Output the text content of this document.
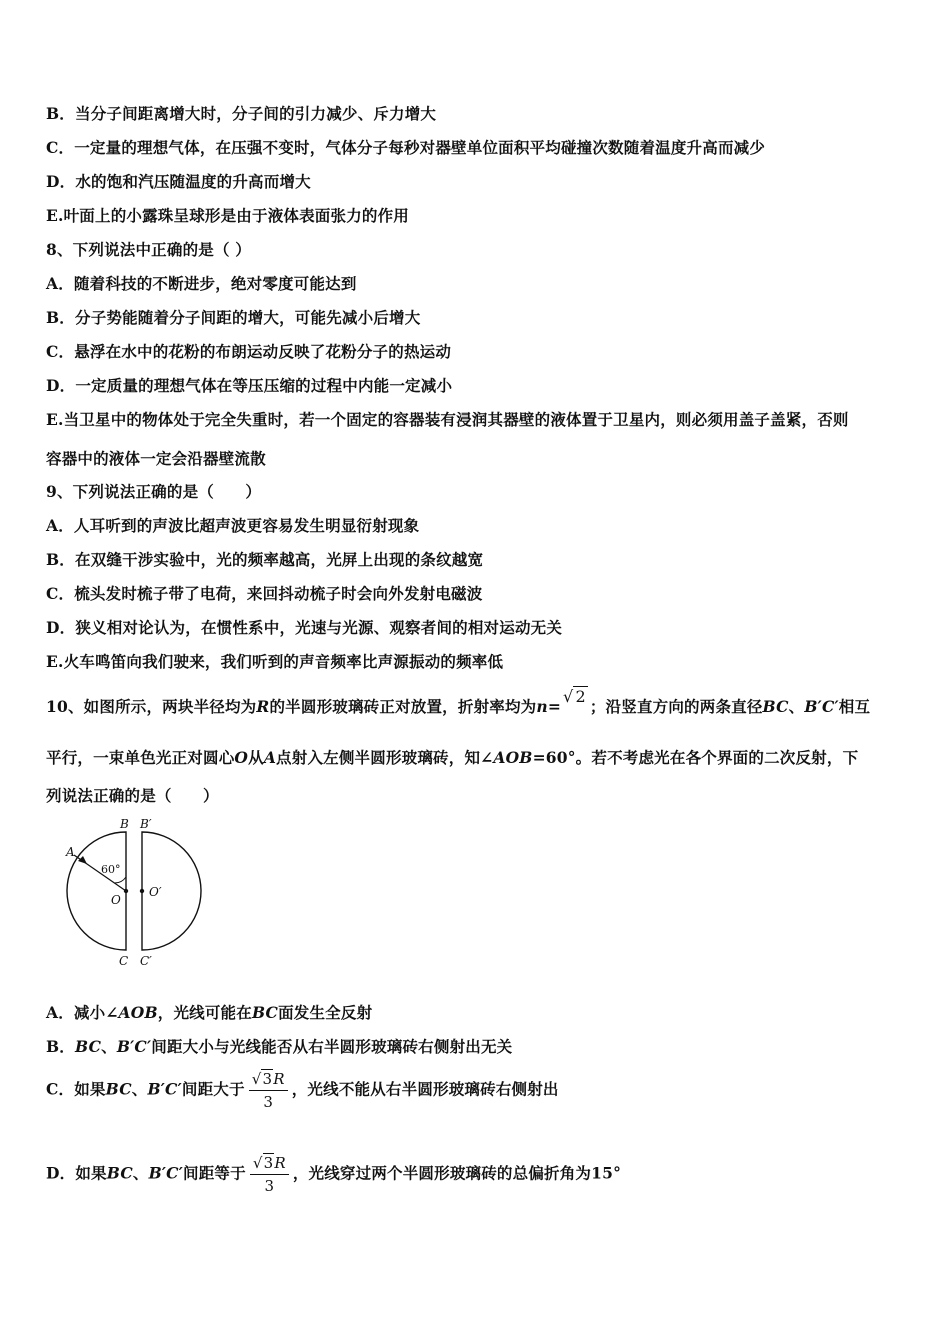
B．当分子间距离增大时，分子间的引力减少、斥力增大
C．一定量的理想气体，在压强不变时，气体分子每秒对器壁单位面积平均碰撞次数随着温度升高而减少
D．水的饱和汽压随温度的升高而增大
E.叶面上的小露珠呈球形是由于液体表面张力的作用
8、下列说法中正确的是（ ）
A．随着科技的不断进步，绝对零度可能达到
B．分子势能随着分子间距的增大，可能先减小后增大
C．悬浮在水中的花粉的布朗运动反映了花粉分子的热运动
D．一定质量的理想气体在等压压缩的过程中内能一定减小
E.当卫星中的物体处于完全失重时，若一个固定的容器装有浸润其器壁的液体置于卫星内，则必须用盖子盖紧，否则
容器中的液体一定会沿器壁流散
9、下列说法正确的是（　　）
A．人耳听到的声波比超声波更容易发生明显衍射现象
B．在双缝干涉实验中，光的频率越高，光屏上出现的条纹越宽
C．梳头发时梳子带了电荷，来回抖动梳子时会向外发射电磁波
D．狭义相对论认为，在惯性系中，光速与光源、观察者间的相对运动无关
E.火车鸣笛向我们驶来，我们听到的声音频率比声源振动的频率低
10、如图所示，两块半径均为R的半圆形玻璃砖正对放置，折射率均为n=√ 2；沿竖直方向的两条直径BC、B′C′相互
平行，一束单色光正对圆心O从A点射入左侧半圆形玻璃砖，知∠AOB=60°。若不考虑光在各个界面的二次反射，下
列说法正确的是（　　）
B B′
A
60°
O
O′
C C′
A．减小∠AOB，光线可能在BC面发生全反射
B．BC、B′C′间距大小与光线能否从右半圆形玻璃砖右侧射出无关
C．如果BC、B′C′间距大于 $\frac{√3R}{3}$ ，光线不能从右半圆形玻璃砖右侧射出
D．如果BC、B′C′间距等于 $\frac{√3R}{3}$ ，光线穿过两个半圆形玻璃砖的总偏折角为15°
